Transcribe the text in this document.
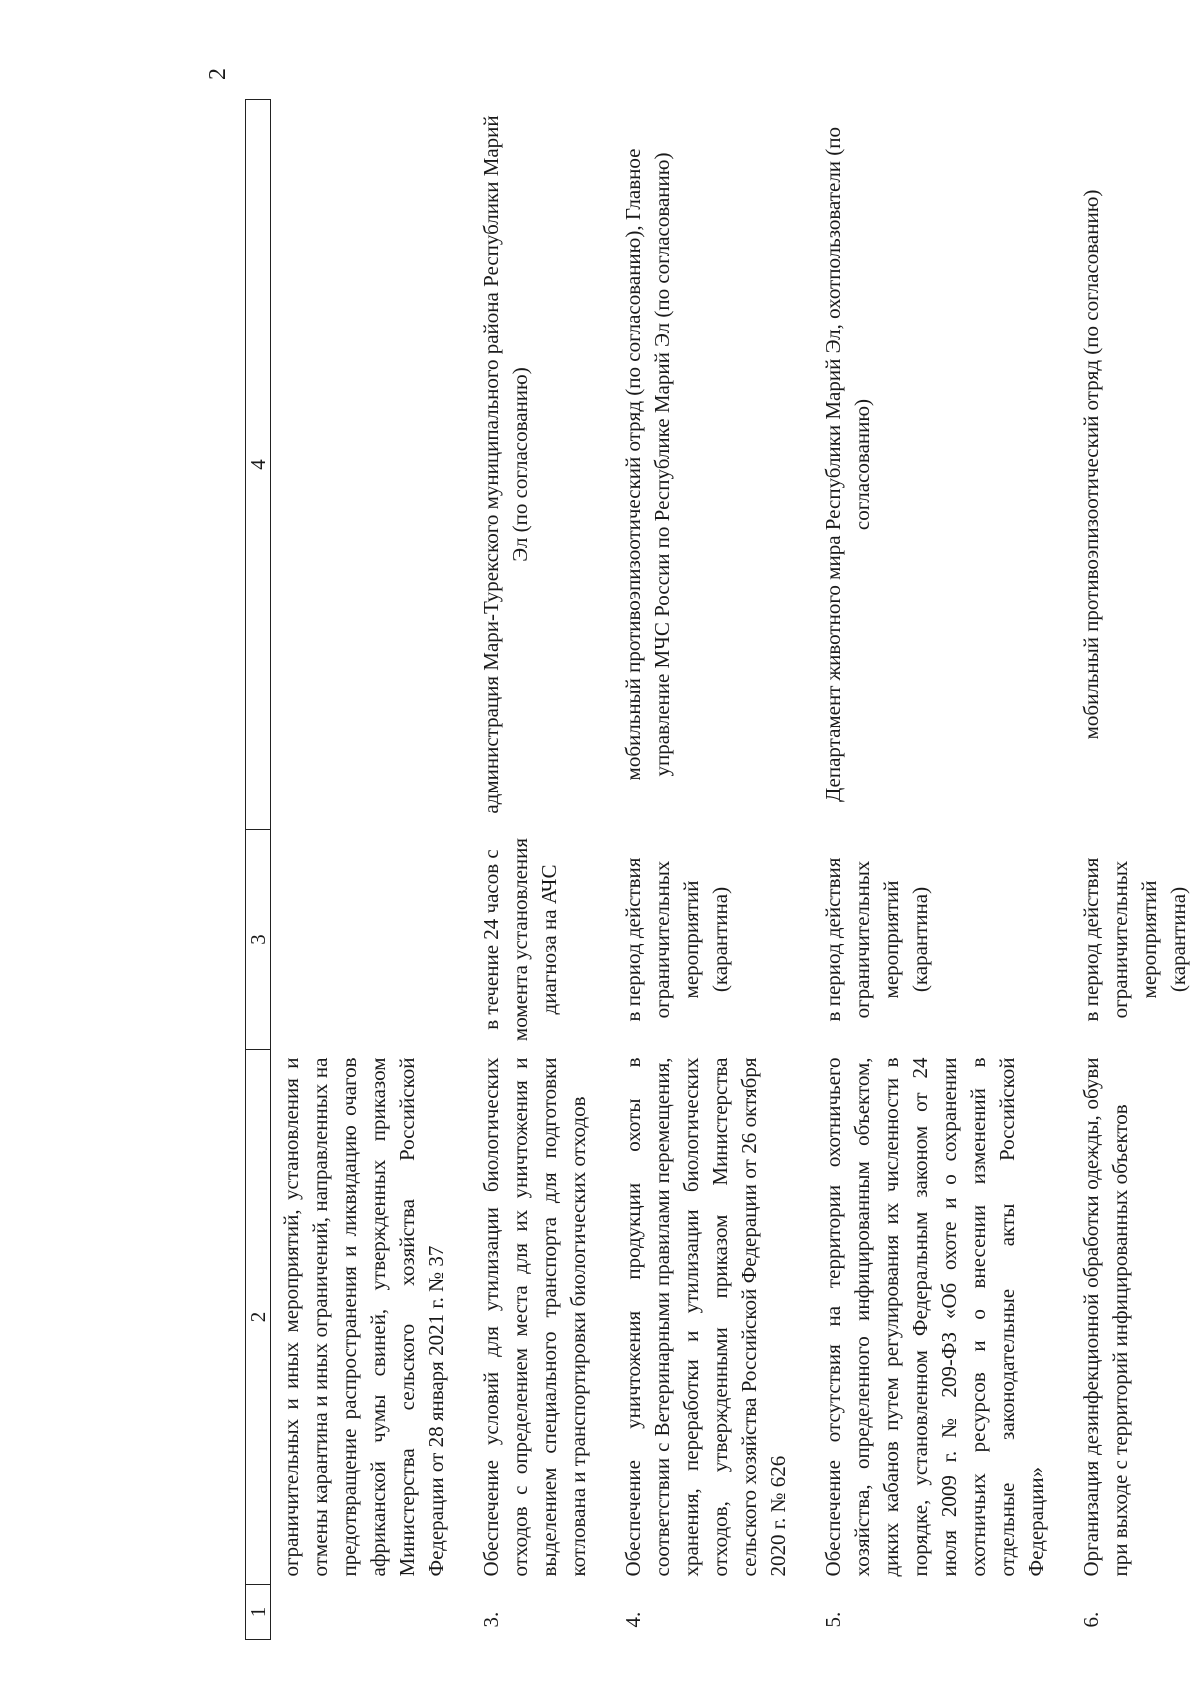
2
1	2	3	4
	ограничительных и иных мероприятий, установления и отмены карантина и иных ограничений, направленных на предотвращение распространения и ликвидацию очагов африканской чумы свиней, утвержденных приказом Министерства сельского хозяйства Российской Федерации от 28 января 2021 г. № 37		
3.	Обеспечение условий для утилизации биологических отходов с определением места для их уничтожения и выделением специального транспорта для подготовки котлована и транспортировки биологических отходов	в течение 24 часов с момента установления диагноза на АЧС	администрация Мари-Турекского муниципального района Республики Марий Эл (по согласованию)
4.	Обеспечение уничтожения продукции охоты в соответствии с Ветеринарными правилами перемещения, хранения, переработки и утилизации биологических отходов, утвержденными приказом Министерства сельского хозяйства Российской Федерации от 26 октября 2020 г. № 626	в период действия ограничительных мероприятий (карантина)	мобильный противоэпизоотический отряд (по согласованию), Главное управление МЧС России по Республике Марий Эл (по согласованию)
5.	Обеспечение отсутствия на территории охотничьего хозяйства, определенного инфицированным объектом, диких кабанов путем регулирования их численности в порядке, установленном Федеральным законом от 24 июля 2009 г. № 209-ФЗ «Об охоте и о сохранении охотничьих ресурсов и о внесении изменений в отдельные законодательные акты Российской Федерации»	в период действия ограничительных мероприятий (карантина)	Департамент животного мира Республики Марий Эл, охотпользователи (по согласованию)
6.	Организация дезинфекционной обработки одежды, обуви при выходе с территорий инфицированных объектов	в период действия ограничительных мероприятий (карантина)	мобильный противоэпизоотический отряд (по согласованию)
